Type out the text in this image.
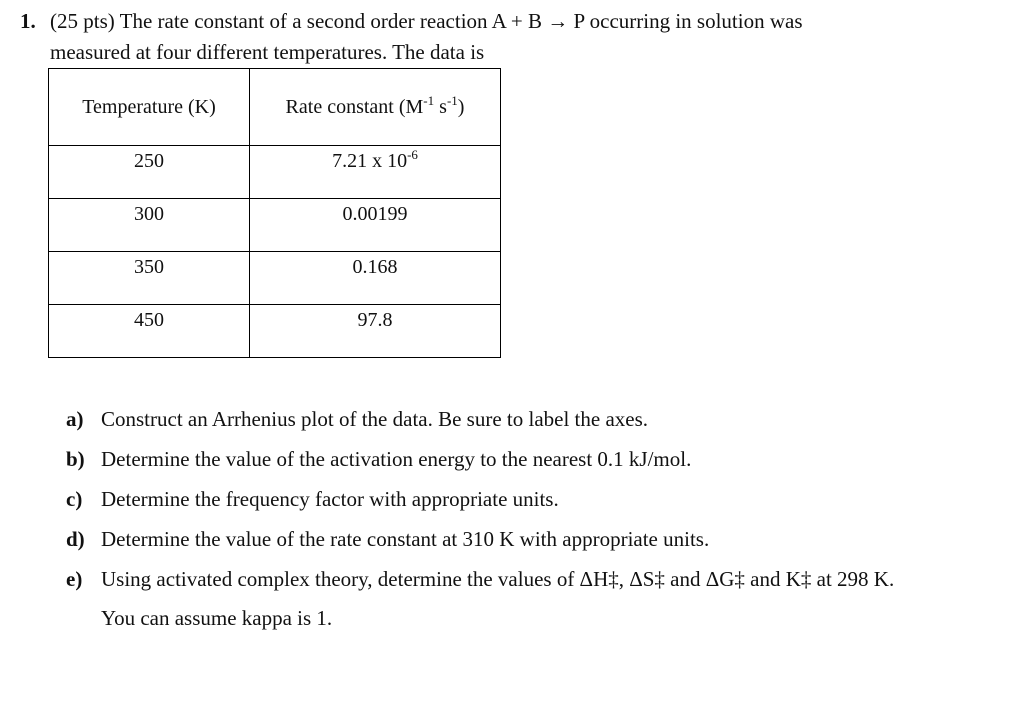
1. (25 pts) The rate constant of a second order reaction A + B → P occurring in solution was
measured at four different temperatures. The data is
Temperature (K)	Rate constant ($M^{-1}$ $s^{-1}$)
250	7.21 x $10^{-6}$
300	0.00199
350	0.168
450	97.8
a) Construct an Arrhenius plot of the data. Be sure to label the axes.
b) Determine the value of the activation energy to the nearest 0.1 kJ/mol.
c) Determine the frequency factor with appropriate units.
d) Determine the value of the rate constant at 310 K with appropriate units.
e) Using activated complex theory, determine the values of ΔH‡, ΔS‡ and ΔG‡ and K‡ at 298 K.
You can assume kappa is 1.
